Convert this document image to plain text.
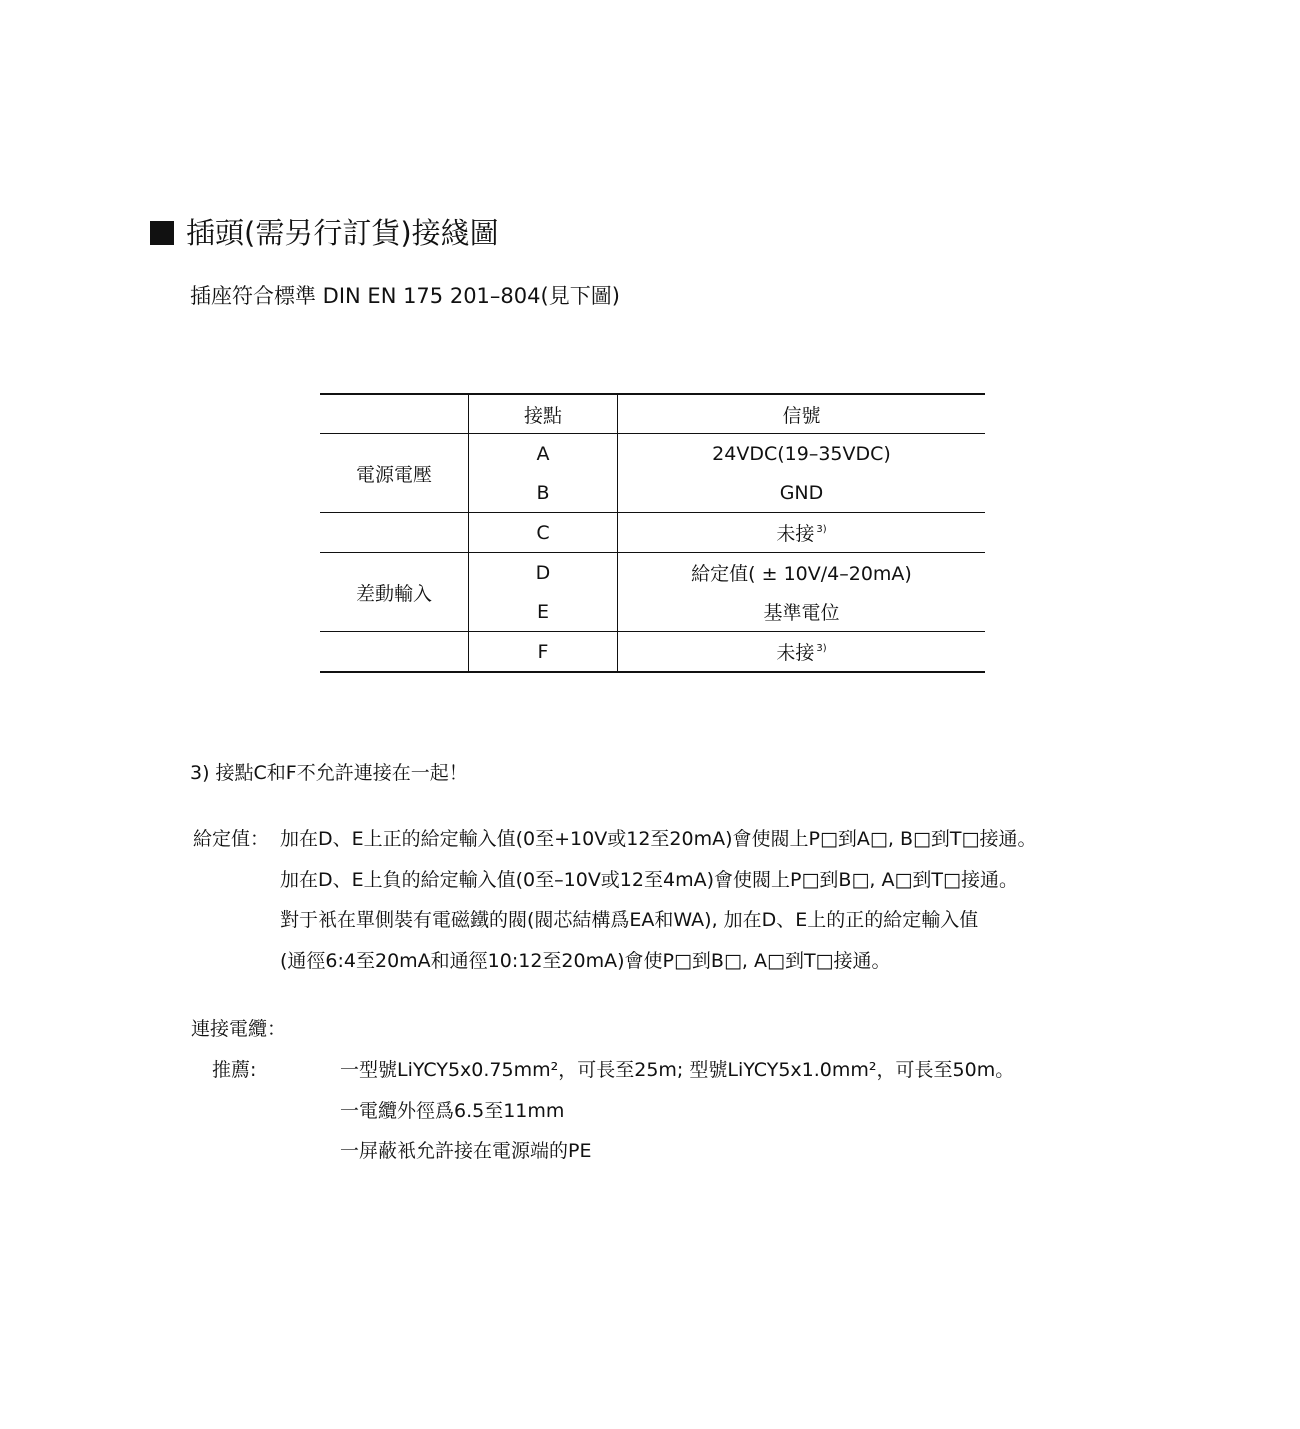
插頭(需另行訂貨)接綫圖
插座符合標準 DIN EN 175 201–804(見下圖)
	接點	信號
電源電壓	A	24VDC(19–35VDC)
	B	GND
	C	未接 $^{3)}$
差動輸入	D	給定值( ± 10V/4–20mA)
	E	基準電位
	F	未接 $^{3)}$
3) 接點C和F不允許連接在一起！
給定值： 加在D、E上正的給定輸入值(0至+10V或12至20mA)會使閥上P□到A□, B□到T□接通。
加在D、E上負的給定輸入值(0至–10V或12至4mA)會使閥上P□到B□, A□到T□接通。
對于衹在單側裝有電磁鐵的閥(閥芯結構爲EA和WA), 加在D、E上的正的給定輸入值
(通徑6:4至20mA和通徑10:12至20mA)會使P□到B□, A□到T□接通。
連接電纜：
推薦:	一型號LiYCY5x0.75mm²，可長至25m; 型號LiYCY5x1.0mm²，可長至50m。
一電纜外徑爲6.5至11mm
一屏蔽衹允許接在電源端的PE
